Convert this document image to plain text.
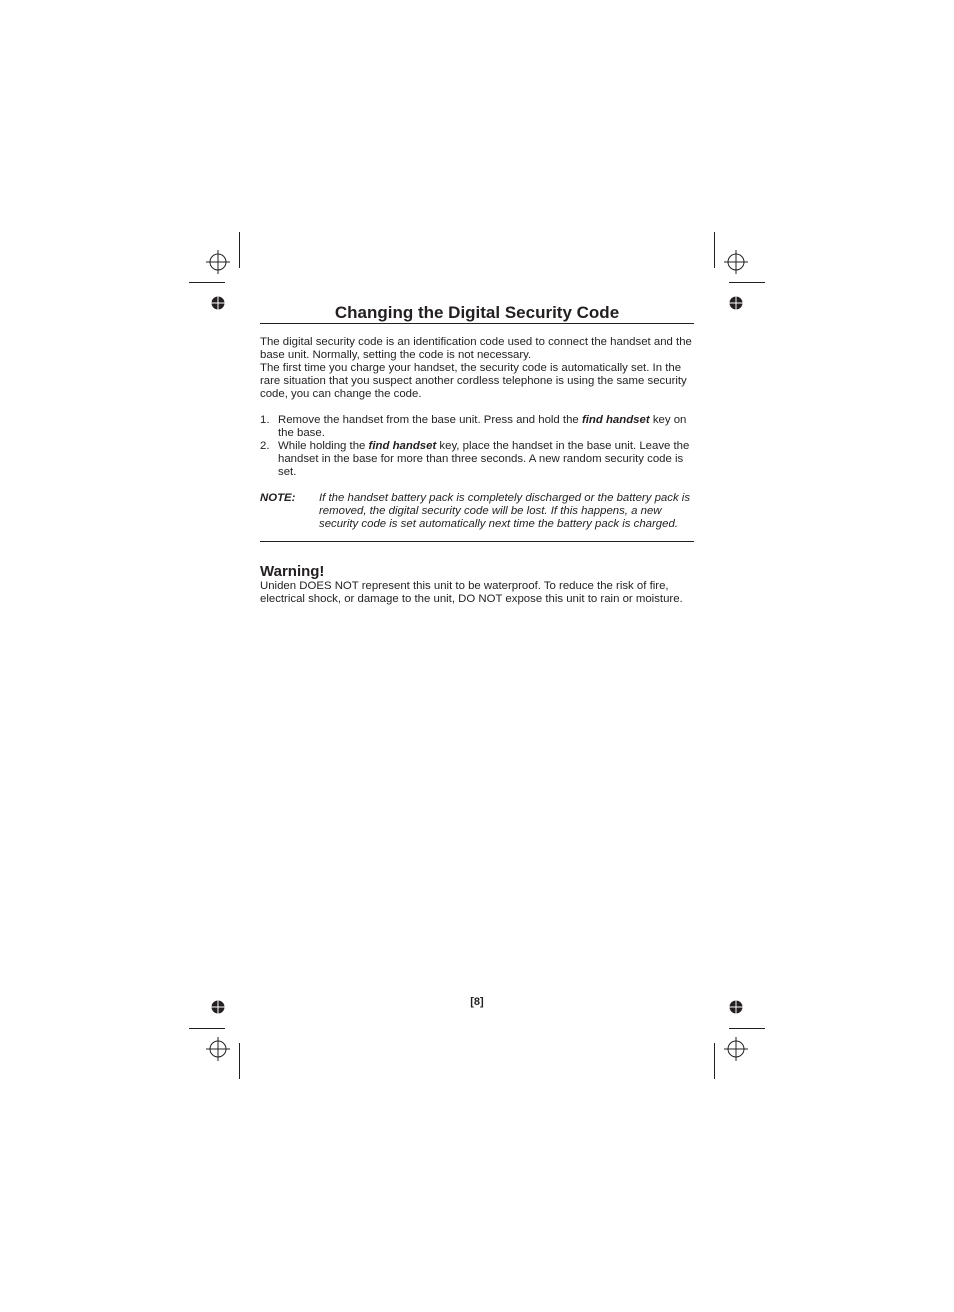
Changing the Digital Security Code

The digital security code is an identification code used to connect the handset and the base unit. Normally, setting the code is not necessary.

The first time you charge your handset, the security code is automatically set. In the rare situation that you suspect another cordless telephone is using the same security code, you can change the code.

1. Remove the handset from the base unit. Press and hold the find handset key on the base.
2. While holding the find handset key, place the handset in the base unit. Leave the handset in the base for more than three seconds. A new random security code is set.
NOTE:	If the handset battery pack is completely discharged or the battery pack is removed, the digital security code will be lost. If this happens, a new security code is set automatically next time the battery pack is charged.
Warning!
Uniden DOES NOT represent this unit to be waterproof. To reduce the risk of fire, electrical shock, or damage to the unit, DO NOT expose this unit to rain or moisture.
[8]
